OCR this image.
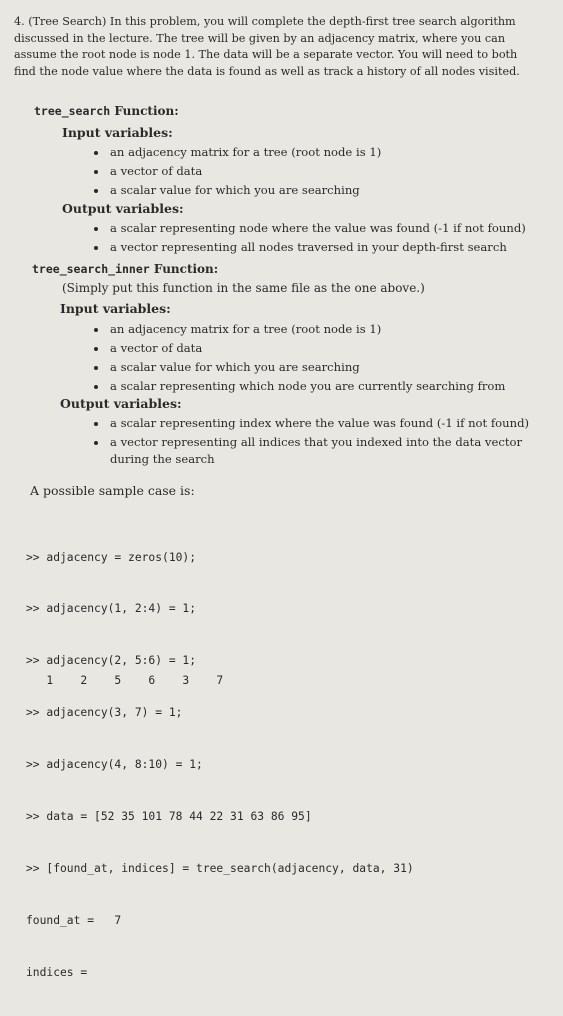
4. (Tree Search) In this problem, you will complete the depth-first tree search algorithm discussed in the lecture. The tree will be given by an adjacency matrix, where you can assume the root node is node 1. The data will be a separate vector. You will need to both find the node value where the data is found as well as track a history of all nodes visited.
tree_search Function:
Input variables:
an adjacency matrix for a tree (root node is 1)
a vector of data
a scalar value for which you are searching
Output variables:
a scalar representing node where the value was found (-1 if not found)
a vector representing all nodes traversed in your depth-first search
tree_search_inner Function:
(Simply put this function in the same file as the one above.)
Input variables:
an adjacency matrix for a tree (root node is 1)
a vector of data
a scalar value for which you are searching
a scalar representing which node you are currently searching from
Output variables:
a scalar representing index where the value was found (-1 if not found)
a vector representing all indices that you indexed into the data vector during the search
A possible sample case is:

>> adjacency = zeros(10);

>> adjacency(1, 2:4) = 1;

>> adjacency(2, 5:6) = 1;

>> adjacency(3, 7) = 1;

>> adjacency(4, 8:10) = 1;

>> data = [52 35 101 78 44 22 31 63 86 95]

>> [found_at, indices] = tree_search(adjacency, data, 31)

found_at =   7

indices =

1    2    5    6    3    7
